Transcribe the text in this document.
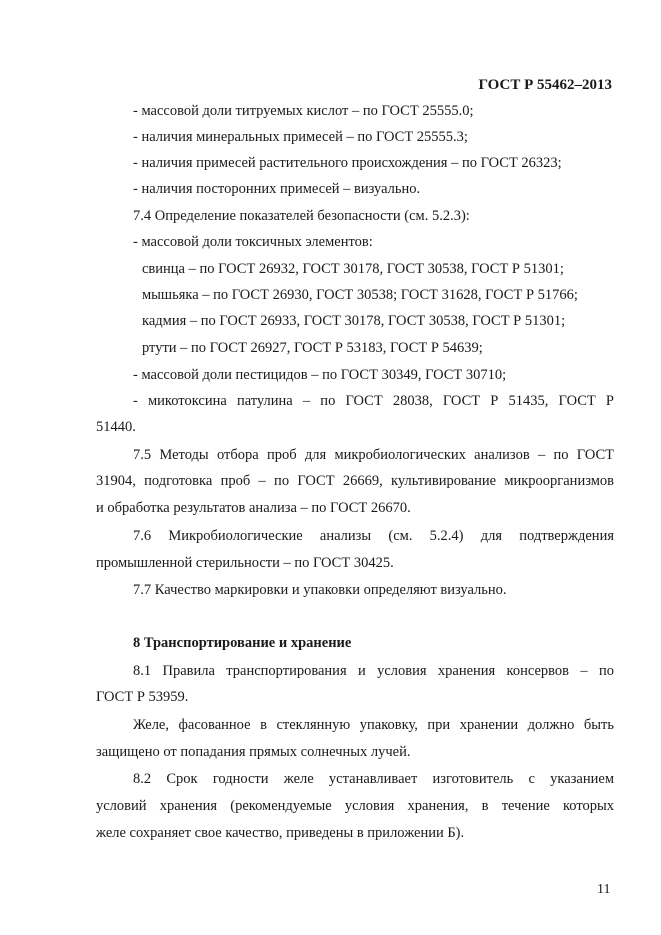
ГОСТ Р 55462–2013
- массовой доли титруемых кислот – по ГОСТ 25555.0;
- наличия минеральных примесей – по ГОСТ 25555.3;
- наличия примесей растительного происхождения – по ГОСТ 26323;
- наличия посторонних примесей – визуально.
7.4 Определение показателей безопасности (см. 5.2.3):
- массовой доли токсичных элементов:
свинца – по ГОСТ 26932, ГОСТ 30178, ГОСТ 30538, ГОСТ Р 51301;
мышьяка – по ГОСТ 26930, ГОСТ 30538; ГОСТ 31628, ГОСТ Р 51766;
кадмия – по ГОСТ 26933, ГОСТ 30178, ГОСТ 30538, ГОСТ Р 51301;
ртути – по ГОСТ 26927, ГОСТ Р 53183, ГОСТ Р 54639;
- массовой доли пестицидов – по ГОСТ 30349, ГОСТ 30710;
- микотоксина патулина – по ГОСТ 28038, ГОСТ Р 51435, ГОСТ Р
51440.
7.5 Методы отбора проб для микробиологических анализов – по ГОСТ
31904, подготовка проб – по ГОСТ 26669, культивирование микроорганизмов
и обработка результатов анализа – по ГОСТ 26670.
7.6 Микробиологические анализы (см. 5.2.4) для подтверждения
промышленной стерильности – по ГОСТ 30425.
7.7 Качество маркировки и упаковки определяют визуально.
8 Транспортирование и хранение
8.1 Правила транспортирования и условия хранения консервов – по
ГОСТ Р 53959.
Желе, фасованное в стеклянную упаковку, при хранении должно быть
защищено от попадания прямых солнечных лучей.
8.2 Срок годности желе устанавливает изготовитель с указанием
условий хранения (рекомендуемые условия хранения, в течение которых
желе сохраняет свое качество, приведены в приложении Б).
11
